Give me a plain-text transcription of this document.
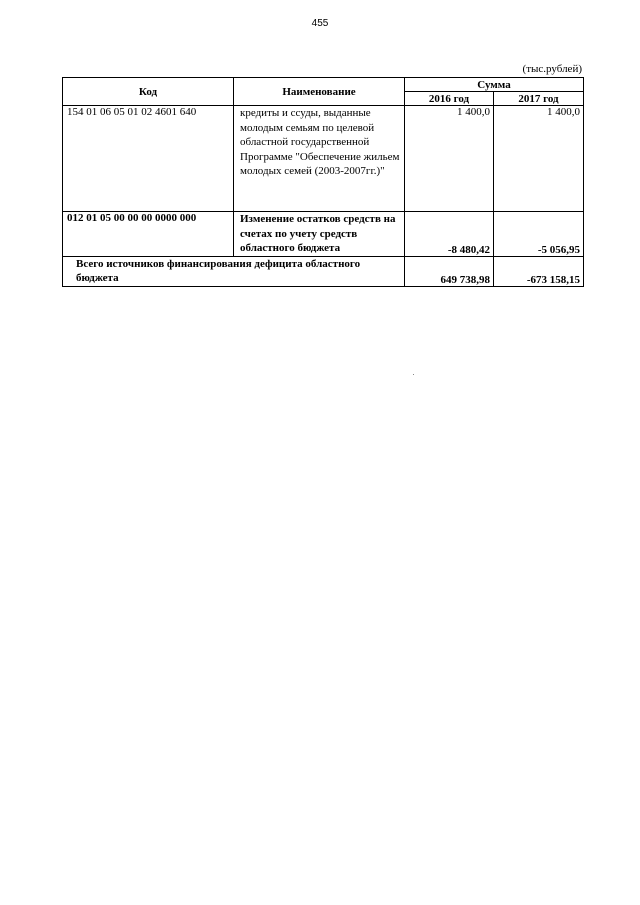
455
(тыс.рублей)
Код	Наименование	Сумма	
		2016 год	2017 год
154 01 06 05 01 02 4601 640	кредиты и ссуды, выданные молодым семьям по целевой областной государственной Программе "Обеспечение жильем молодых семей (2003-2007гг.)"	1 400,0	1 400,0
012 01 05 00 00 00 0000 000	Изменение остатков средств на счетах по учету средств областного бюджета	-8 480,42	-5 056,95
Всего источников финансирования дефицита областного бюджета		649 738,98	-673 158,15
